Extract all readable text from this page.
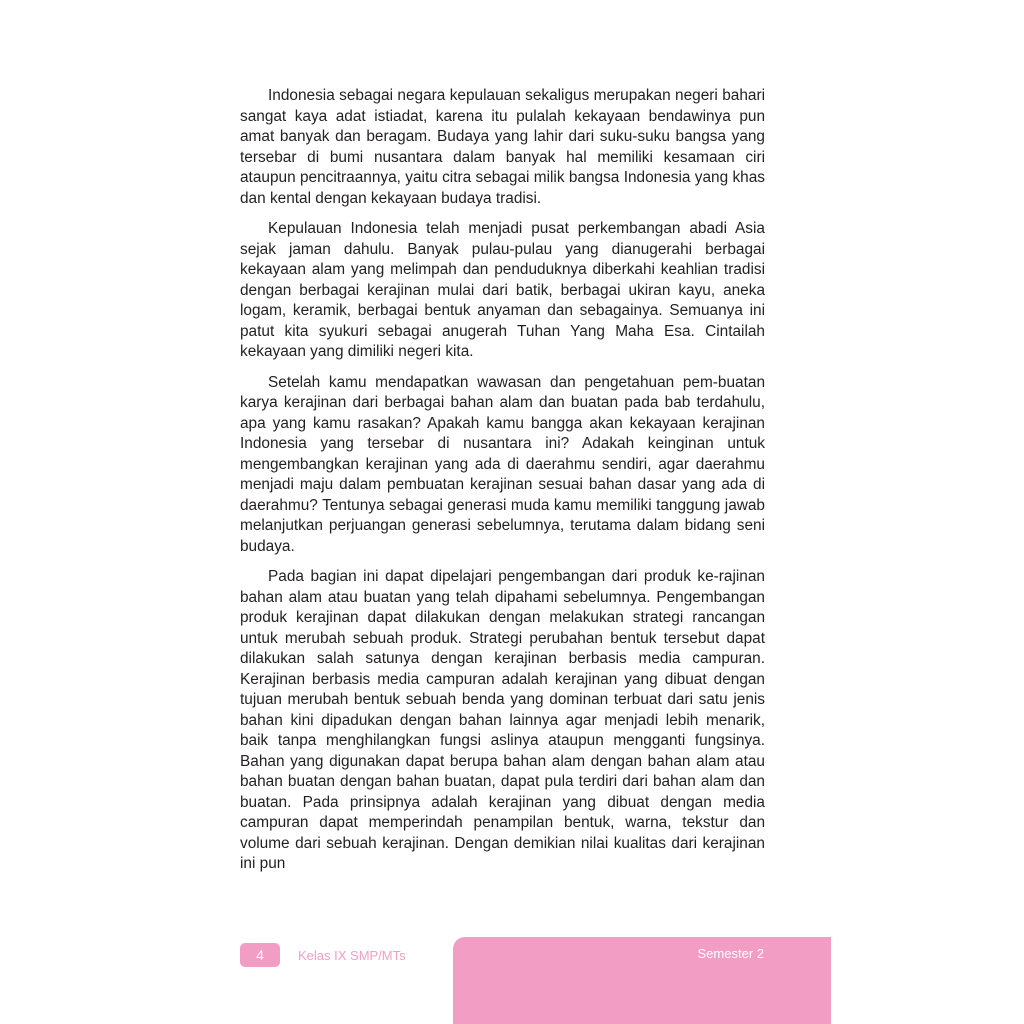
Indonesia sebagai negara kepulauan sekaligus merupakan negeri bahari sangat kaya adat istiadat, karena itu pulalah kekayaan bendawinya pun amat banyak dan beragam. Budaya yang lahir dari suku-suku bangsa yang tersebar di bumi nusantara dalam banyak hal memiliki kesamaan ciri ataupun pencitraannya, yaitu citra sebagai milik bangsa Indonesia yang khas dan kental dengan kekayaan budaya tradisi.

Kepulauan Indonesia telah menjadi pusat perkembangan abadi Asia sejak jaman dahulu. Banyak pulau-pulau yang dianugerahi berbagai kekayaan alam yang melimpah dan penduduknya diberkahi keahlian tradisi dengan berbagai kerajinan mulai dari batik, berbagai ukiran kayu, aneka logam, keramik, berbagai bentuk anyaman dan sebagainya. Semuanya ini patut kita syukuri sebagai anugerah Tuhan Yang Maha Esa. Cintailah kekayaan yang dimiliki negeri kita.

Setelah kamu mendapatkan wawasan dan pengetahuan pem-buatan karya kerajinan dari berbagai bahan alam dan buatan pada bab terdahulu, apa yang kamu rasakan? Apakah kamu bangga akan kekayaan kerajinan Indonesia yang tersebar di nusantara ini? Adakah keinginan untuk mengembangkan kerajinan yang ada di daerahmu sendiri, agar daerahmu menjadi maju dalam pembuatan kerajinan sesuai bahan dasar yang ada di daerahmu? Tentunya sebagai generasi muda kamu memiliki tanggung jawab melanjutkan perjuangan generasi sebelumnya, terutama dalam bidang seni budaya.

Pada bagian ini dapat dipelajari pengembangan dari produk ke-rajinan bahan alam atau buatan yang telah dipahami sebelumnya. Pengembangan produk kerajinan dapat dilakukan dengan melakukan strategi rancangan untuk merubah sebuah produk. Strategi perubahan bentuk tersebut dapat dilakukan salah satunya dengan kerajinan berbasis media campuran. Kerajinan berbasis media campuran adalah kerajinan yang dibuat dengan tujuan merubah bentuk sebuah benda yang dominan terbuat dari satu jenis bahan kini dipadukan dengan bahan lainnya agar menjadi lebih menarik, baik tanpa menghilangkan fungsi aslinya ataupun mengganti fungsinya. Bahan yang digunakan dapat berupa bahan alam dengan bahan alam atau bahan buatan dengan bahan buatan, dapat pula terdiri dari bahan alam dan buatan. Pada prinsipnya adalah kerajinan yang dibuat dengan media campuran dapat memperindah penampilan bentuk, warna, tekstur dan volume dari sebuah kerajinan. Dengan demikian nilai kualitas dari kerajinan ini pun

4	Kelas IX SMP/MTs	Semester 2
